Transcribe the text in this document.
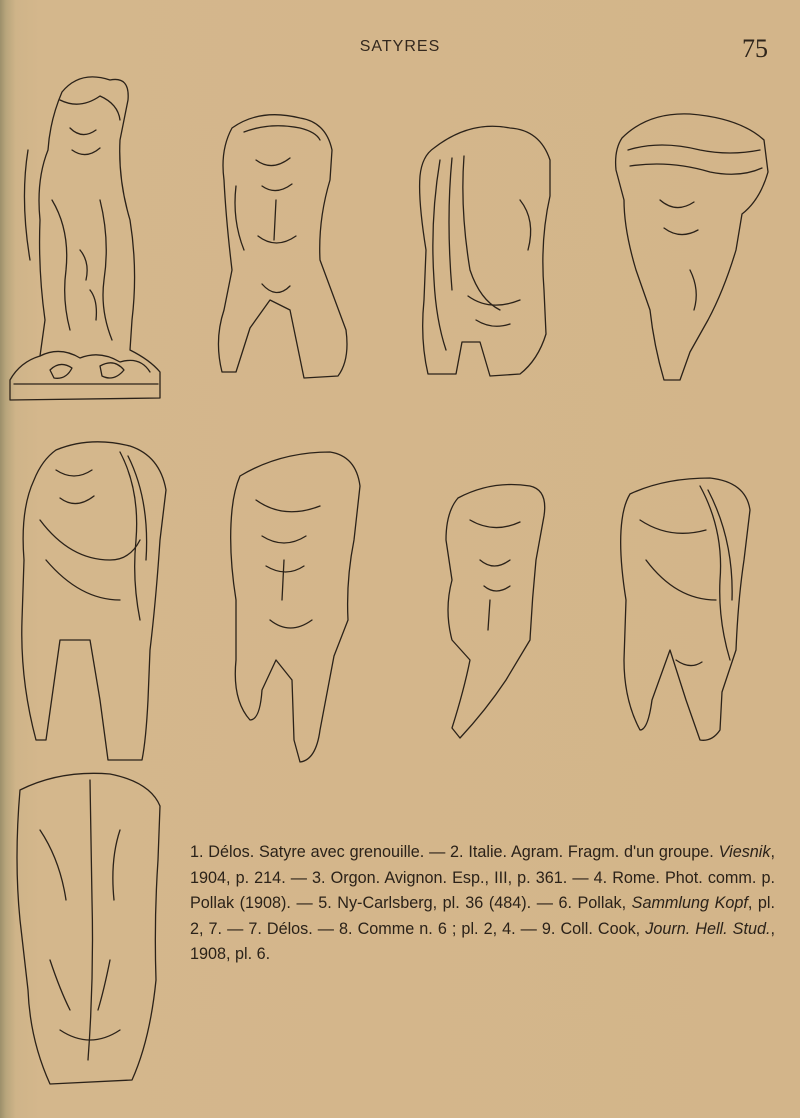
SATYRES	75
1. Délos. Satyre avec grenouille. — 2. Italie. Agram. Fragm. d'un groupe. Viesnik, 1904, p. 214. — 3. Orgon. Avignon. Esp., III, p. 361. — 4. Rome. Phot. comm. p. Pollak (1908). — 5. Ny-Carlsberg, pl. 36 (484). — 6. Pollak, Sammlung Kopf, pl. 2, 7. — 7. Délos. — 8. Comme n. 6 ; pl. 2, 4. — 9. Coll. Cook, Journ. Hell. Stud., 1908, pl. 6.
